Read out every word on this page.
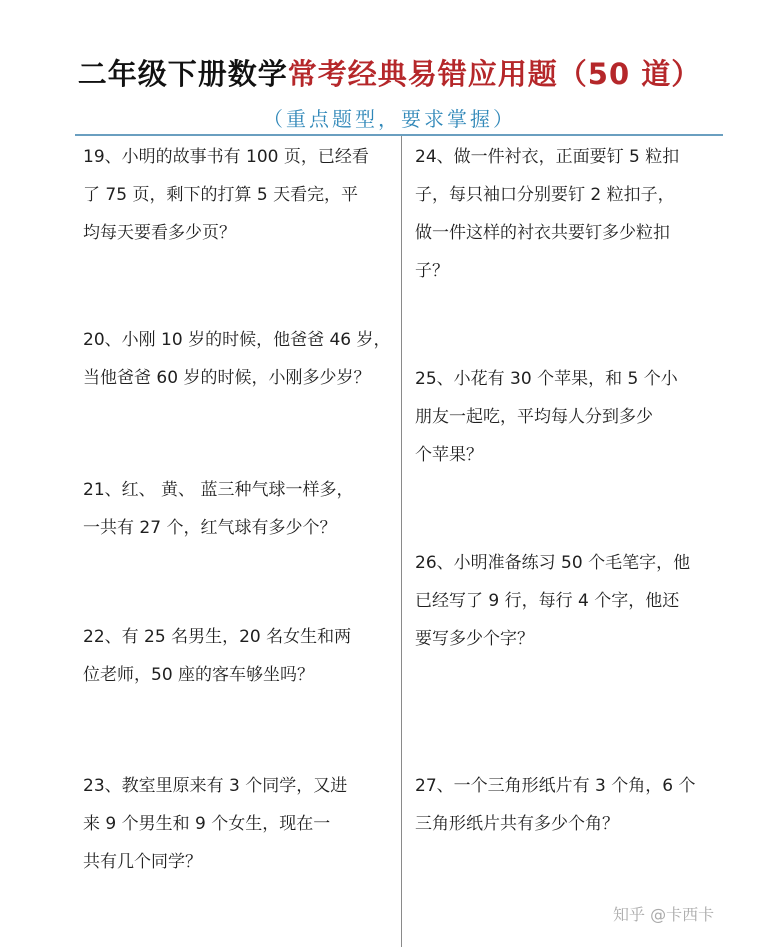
二年级下册数学常考经典易错应用题（50 道）
（重点题型，要求掌握）
19、小明的故事书有 100 页，已经看
了 75 页，剩下的打算 5 天看完，平
均每天要看多少页？
20、小刚 10 岁的时候，他爸爸 46 岁，
当他爸爸 60 岁的时候，小刚多少岁？
21、红、 黄、 蓝三种气球一样多，
一共有 27 个，红气球有多少个？
22、有 25 名男生，20 名女生和两
位老师，50 座的客车够坐吗？
23、教室里原来有 3 个同学，又进
来 9 个男生和 9 个女生，现在一
共有几个同学？
24、做一件衬衣，正面要钉 5 粒扣
子，每只袖口分别要钉 2 粒扣子，
做一件这样的衬衣共要钉多少粒扣
子？
25、小花有 30 个苹果，和 5 个小
朋友一起吃，平均每人分到多少
个苹果？
26、小明准备练习 50 个毛笔字，他
已经写了 9 行，每行 4 个字，他还
要写多少个字？
27、一个三角形纸片有 3 个角，6 个
三角形纸片共有多少个角？
知乎 @卡西卡
